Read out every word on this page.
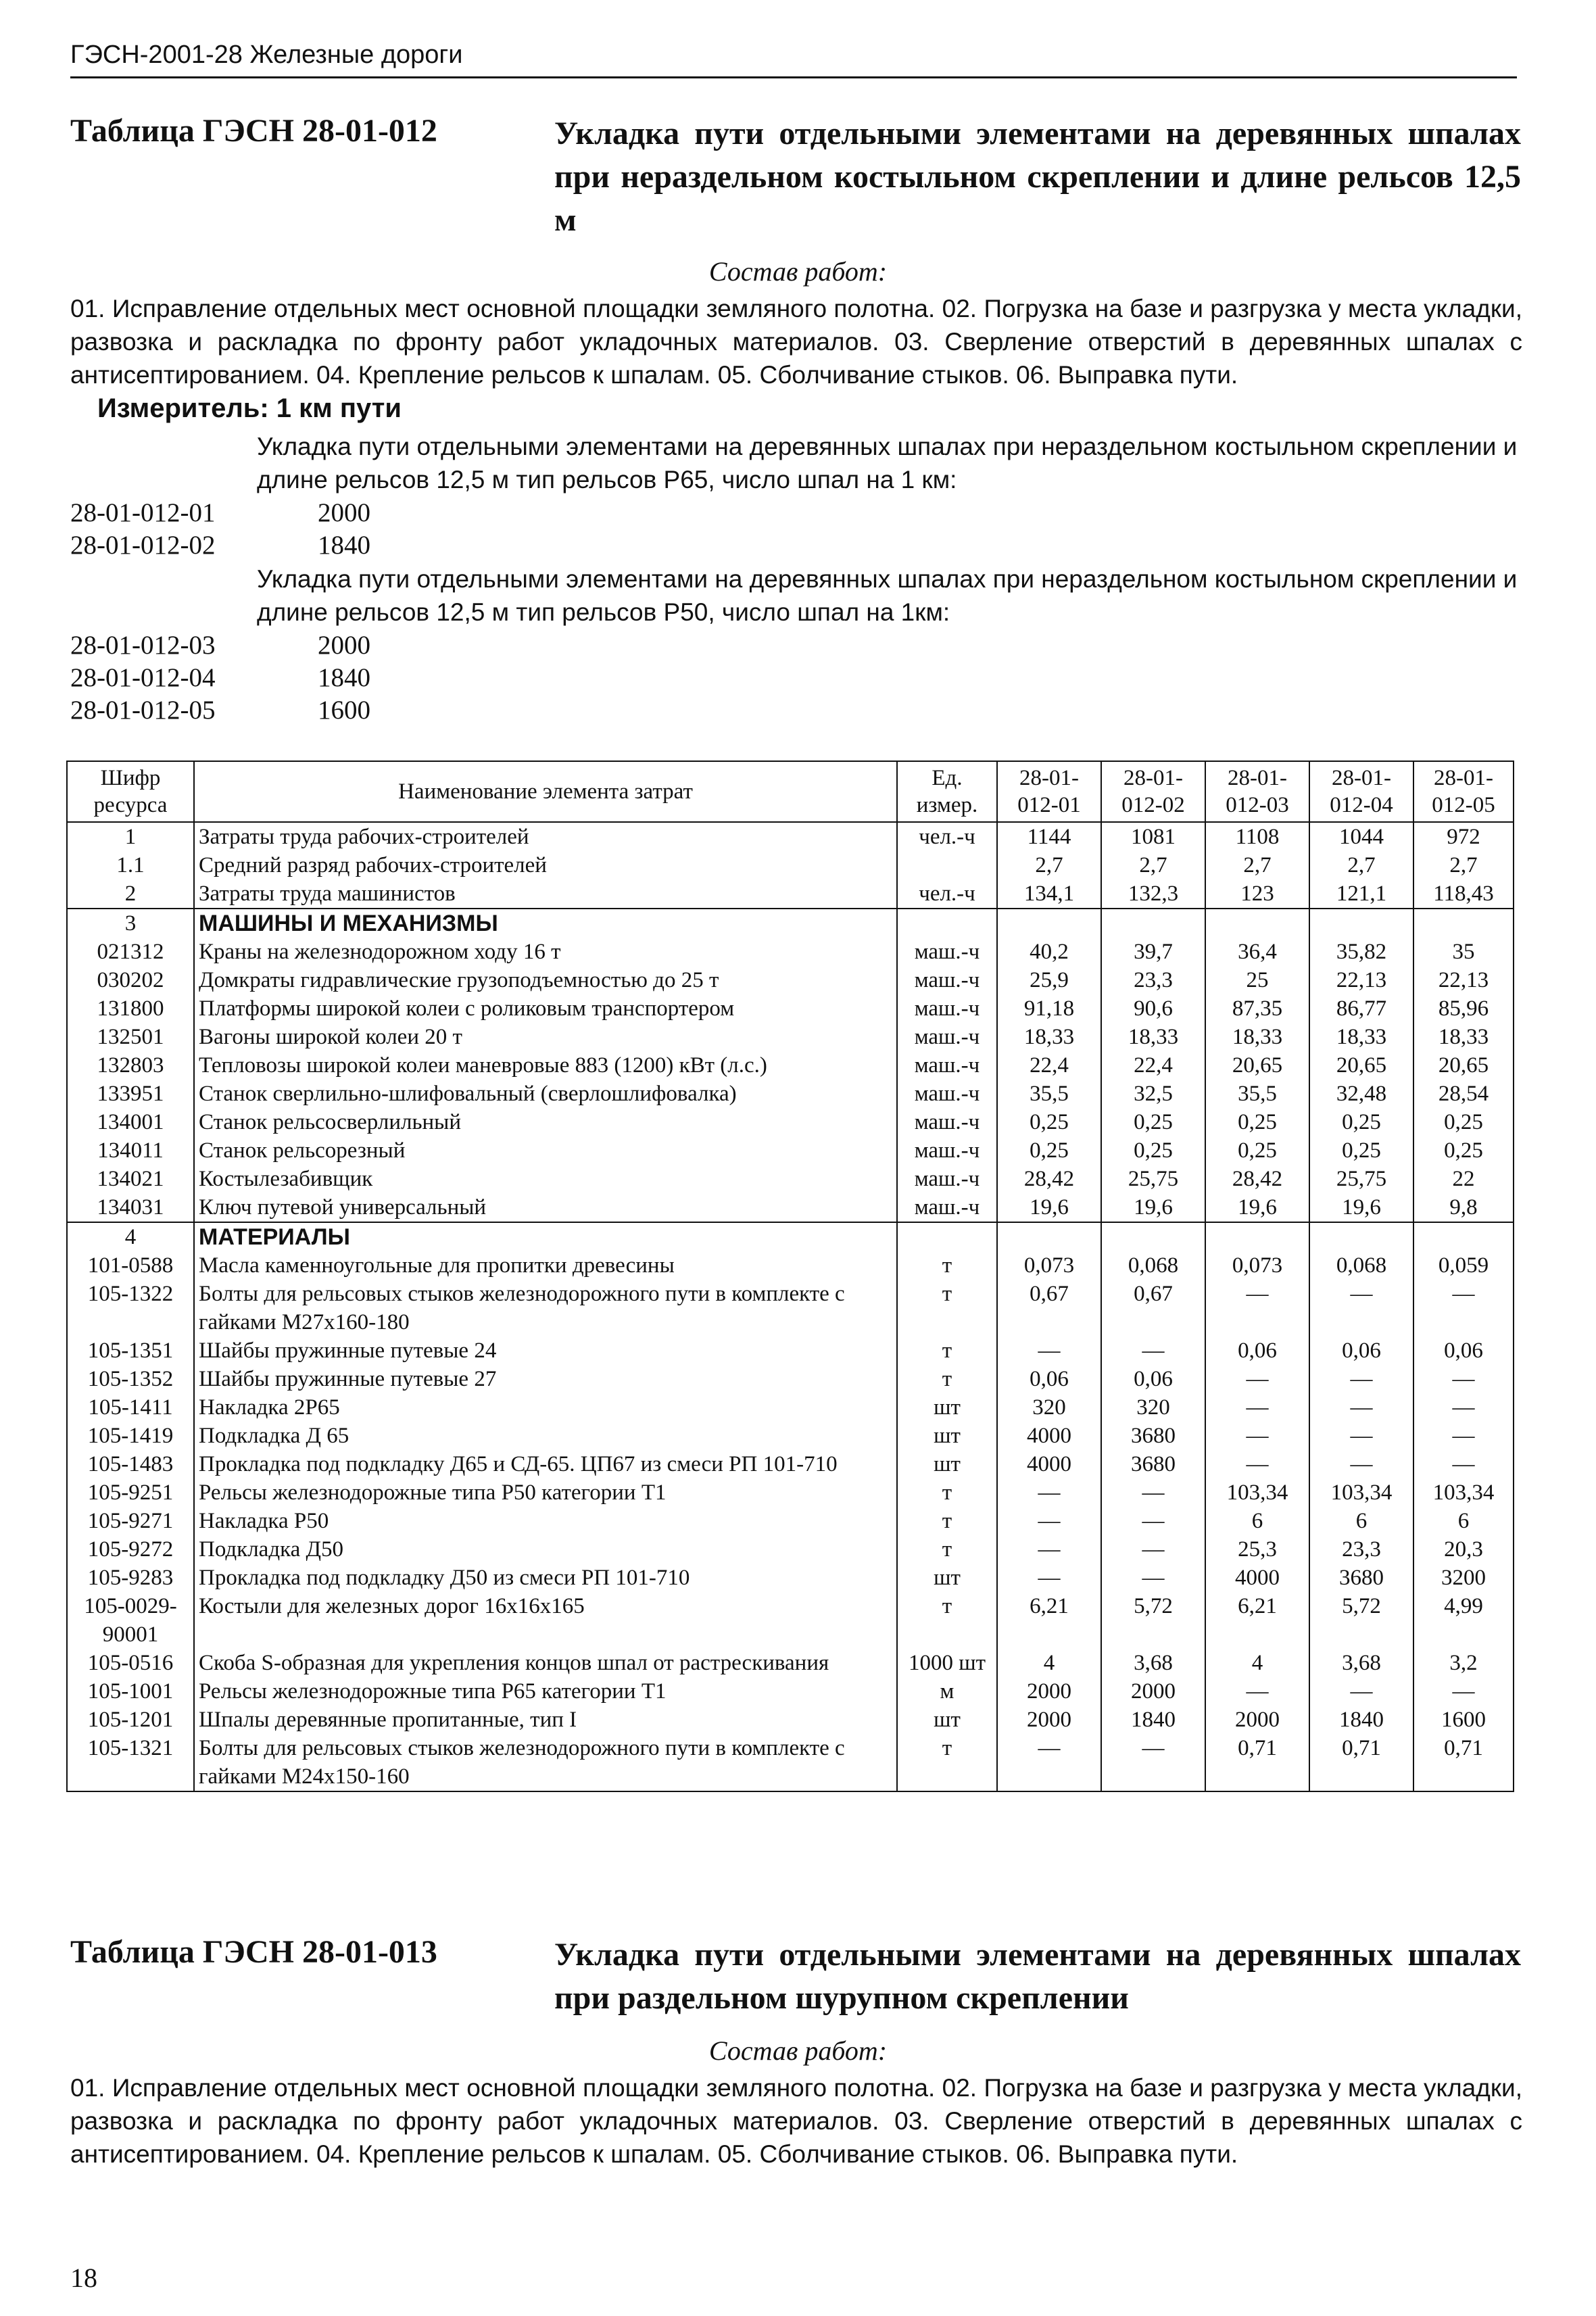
ГЭСН-2001-28 Железные дороги
Таблица ГЭСН 28-01-012	Укладка пути отдельными элементами на деревянных шпалах при нераздельном костыльном скреплении и длине рельсов 12,5 м
Состав работ:
01. Исправление отдельных мест основной площадки земляного полотна. 02. Погрузка на базе и разгрузка у места укладки, развозка и раскладка по фронту работ укладочных материалов. 03. Сверление отверстий в деревянных шпалах с антисептированием. 04. Крепление рельсов к шпалам. 05. Сболчивание стыков. 06. Выправка пути.
Измеритель: 1 км пути
Укладка пути отдельными элементами на деревянных шпалах при нераздельном костыльном скреплении и длине рельсов 12,5 м тип рельсов Р65, число шпал на 1 км:
28-01-012-01	2000
28-01-012-02	1840
Укладка пути отдельными элементами на деревянных шпалах при нераздельном костыльном скреплении и длине рельсов 12,5 м тип рельсов Р50, число шпал на 1км:
28-01-012-03	2000
28-01-012-04	1840
28-01-012-05	1600
Шифр ресурса	Наименование элемента затрат	Ед. измер.	28-01-012-01	28-01-012-02	28-01-012-03	28-01-012-04	28-01-012-05
1	Затраты труда рабочих-строителей	чел.-ч	1144	1081	1108	1044	972
1.1	Средний разряд рабочих-строителей		2,7	2,7	2,7	2,7	2,7
2	Затраты труда машинистов	чел.-ч	134,1	132,3	123	121,1	118,43
3	МАШИНЫ И МЕХАНИЗМЫ						
021312	Краны на железнодорожном ходу 16 т	маш.-ч	40,2	39,7	36,4	35,82	35
030202	Домкраты гидравлические грузоподъемностью до 25 т	маш.-ч	25,9	23,3	25	22,13	22,13
131800	Платформы широкой колеи с роликовым транспортером	маш.-ч	91,18	90,6	87,35	86,77	85,96
132501	Вагоны широкой колеи 20 т	маш.-ч	18,33	18,33	18,33	18,33	18,33
132803	Тепловозы широкой колеи маневровые 883 (1200) кВт (л.с.)	маш.-ч	22,4	22,4	20,65	20,65	20,65
133951	Станок сверлильно-шлифовальный (сверлошлифовалка)	маш.-ч	35,5	32,5	35,5	32,48	28,54
134001	Станок рельсосверлильный	маш.-ч	0,25	0,25	0,25	0,25	0,25
134011	Станок рельсорезный	маш.-ч	0,25	0,25	0,25	0,25	0,25
134021	Костылезабивщик	маш.-ч	28,42	25,75	28,42	25,75	22
134031	Ключ путевой универсальный	маш.-ч	19,6	19,6	19,6	19,6	9,8
4	МАТЕРИАЛЫ						
101-0588	Масла каменноугольные для пропитки древесины	т	0,073	0,068	0,073	0,068	0,059
105-1322	Болты для рельсовых стыков железнодорожного пути в комплекте с гайками М27х160-180	т	0,67	0,67	—	—	—
105-1351	Шайбы пружинные путевые 24	т	—	—	0,06	0,06	0,06
105-1352	Шайбы пружинные путевые 27	т	0,06	0,06	—	—	—
105-1411	Накладка 2Р65	шт	320	320	—	—	—
105-1419	Подкладка Д 65	шт	4000	3680	—	—	—
105-1483	Прокладка под подкладку Д65 и СД-65. ЦП67 из смеси РП 101-710	шт	4000	3680	—	—	—
105-9251	Рельсы железнодорожные типа Р50 категории Т1	т	—	—	103,34	103,34	103,34
105-9271	Накладка Р50	т	—	—	6	6	6
105-9272	Подкладка Д50	т	—	—	25,3	23,3	20,3
105-9283	Прокладка под подкладку Д50 из смеси РП 101-710	шт	—	—	4000	3680	3200
105-0029-90001	Костыли для железных дорог 16х16х165	т	6,21	5,72	6,21	5,72	4,99
105-0516	Скоба S-образная для укрепления концов шпал от растрескивания	1000 шт	4	3,68	4	3,68	3,2
105-1001	Рельсы железнодорожные типа Р65 категории Т1	м	2000	2000	—	—	—
105-1201	Шпалы деревянные пропитанные, тип I	шт	2000	1840	2000	1840	1600
105-1321	Болты для рельсовых стыков железнодорожного пути в комплекте с гайками М24х150-160	т	—	—	0,71	0,71	0,71
Таблица ГЭСН 28-01-013	Укладка пути отдельными элементами на деревянных шпалах при раздельном шурупном скреплении
Состав работ:
01. Исправление отдельных мест основной площадки земляного полотна. 02. Погрузка на базе и разгрузка у места укладки, развозка и раскладка по фронту работ укладочных материалов. 03. Сверление отверстий в деревянных шпалах с антисептированием. 04. Крепление рельсов к шпалам. 05. Сболчивание стыков. 06. Выправка пути.
18
